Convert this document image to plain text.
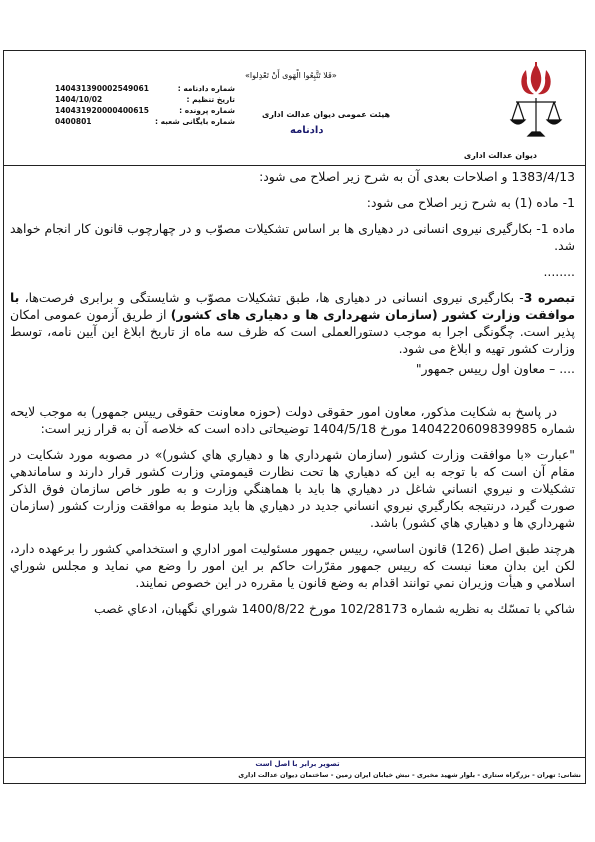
دیوان عدالت اداری
«فَلا تَتَّبِعُوا الْهَوی أَنْ تَعْدِلوا»
هیئت عمومی دیوان عدالت اداری
دادنامه
140431390002549061	شماره دادنامه :
1404/10/02	تاریخ تنظیم :
140431920000400615	شماره پرونده :
0400801	شماره بایگانی شعبه :

1383/4/13 و اصلاحات بعدی آن به شرح زیر اصلاح می شود:

1- ماده (1) به شرح زیر اصلاح می شود:

ماده 1- بکارگیری نیروی انسانی در دهیاری ها بر اساس تشکیلات مصوّب و در چهارچوب قانون کار انجام خواهد شد.

........

تبصره 3- بکارگیری نیروی انسانی در دهیاری ها، طبق تشکیلات مصوّب و شایستگی و برابری فرصت‌ها، با موافقت وزارت کشور (سازمان شهرداری ها و دهیاری های کشور) از طریق آزمون عمومی امکان پذیر است. چگونگی اجرا به موجب دستورالعملی است که ظرف سه ماه از تاریخ ابلاغ این آیین نامه، توسط وزارت کشور تهیه و ابلاغ می شود.

.... – معاون اول رییس جمهور"

در پاسخ به شکایت مذکور، معاون امور حقوقی دولت (حوزه معاونت حقوقی رییس جمهور) به موجب لایحه شماره 1404220609839985 مورخ 1404/5/18 توضیحاتی داده است که خلاصه آن به قرار زیر است:

"عبارت «با موافقت وزارت کشور (سازمان شهرداري ها و دهياري هاي کشور)» در مصوبه مورد شکايت در مقام آن است که با توجه به این که دهیاري ها تحت نظارت قیمومتي وزارت کشور قرار دارند و ساماندهي تشکيلات و نيروي انساني شاغل در دهياري ها بايد با هماهنگي وزارت و به طور خاص سازمان فوق الذکر صورت گيرد، درنتیجه بکارگيري نيروي انساني جديد در دهياري ها بايد منوط به موافقت وزارت کشور (سازمان شهرداري ها و دهياري هاي کشور) باشد.

هرچند طبق اصل (126) قانون اساسي، رييس جمهور مسئولیت امور اداري و استخدامي کشور را برعهده دارد، لکن اين بدان معنا نيست که رييس جمهور مقرّرات حاکم بر اين امور را وضع مي نمايد و مجلس شوراي اسلامي و هيأت وزيران نمي توانند اقدام به وضع قانون يا مقرره در اين خصوص نمايند.

شاکي با تمسّك به نظريه شماره 102/28173 مورخ 1400/8/22 شوراي نگهبان، ادعاي غصب

تصویر برابر با اصل است
نشانی: تهران - بزرگراه ستاری - بلوار شهید مخبری - نبش خیابان ایران زمین - ساختمان دیوان عدالت اداری
